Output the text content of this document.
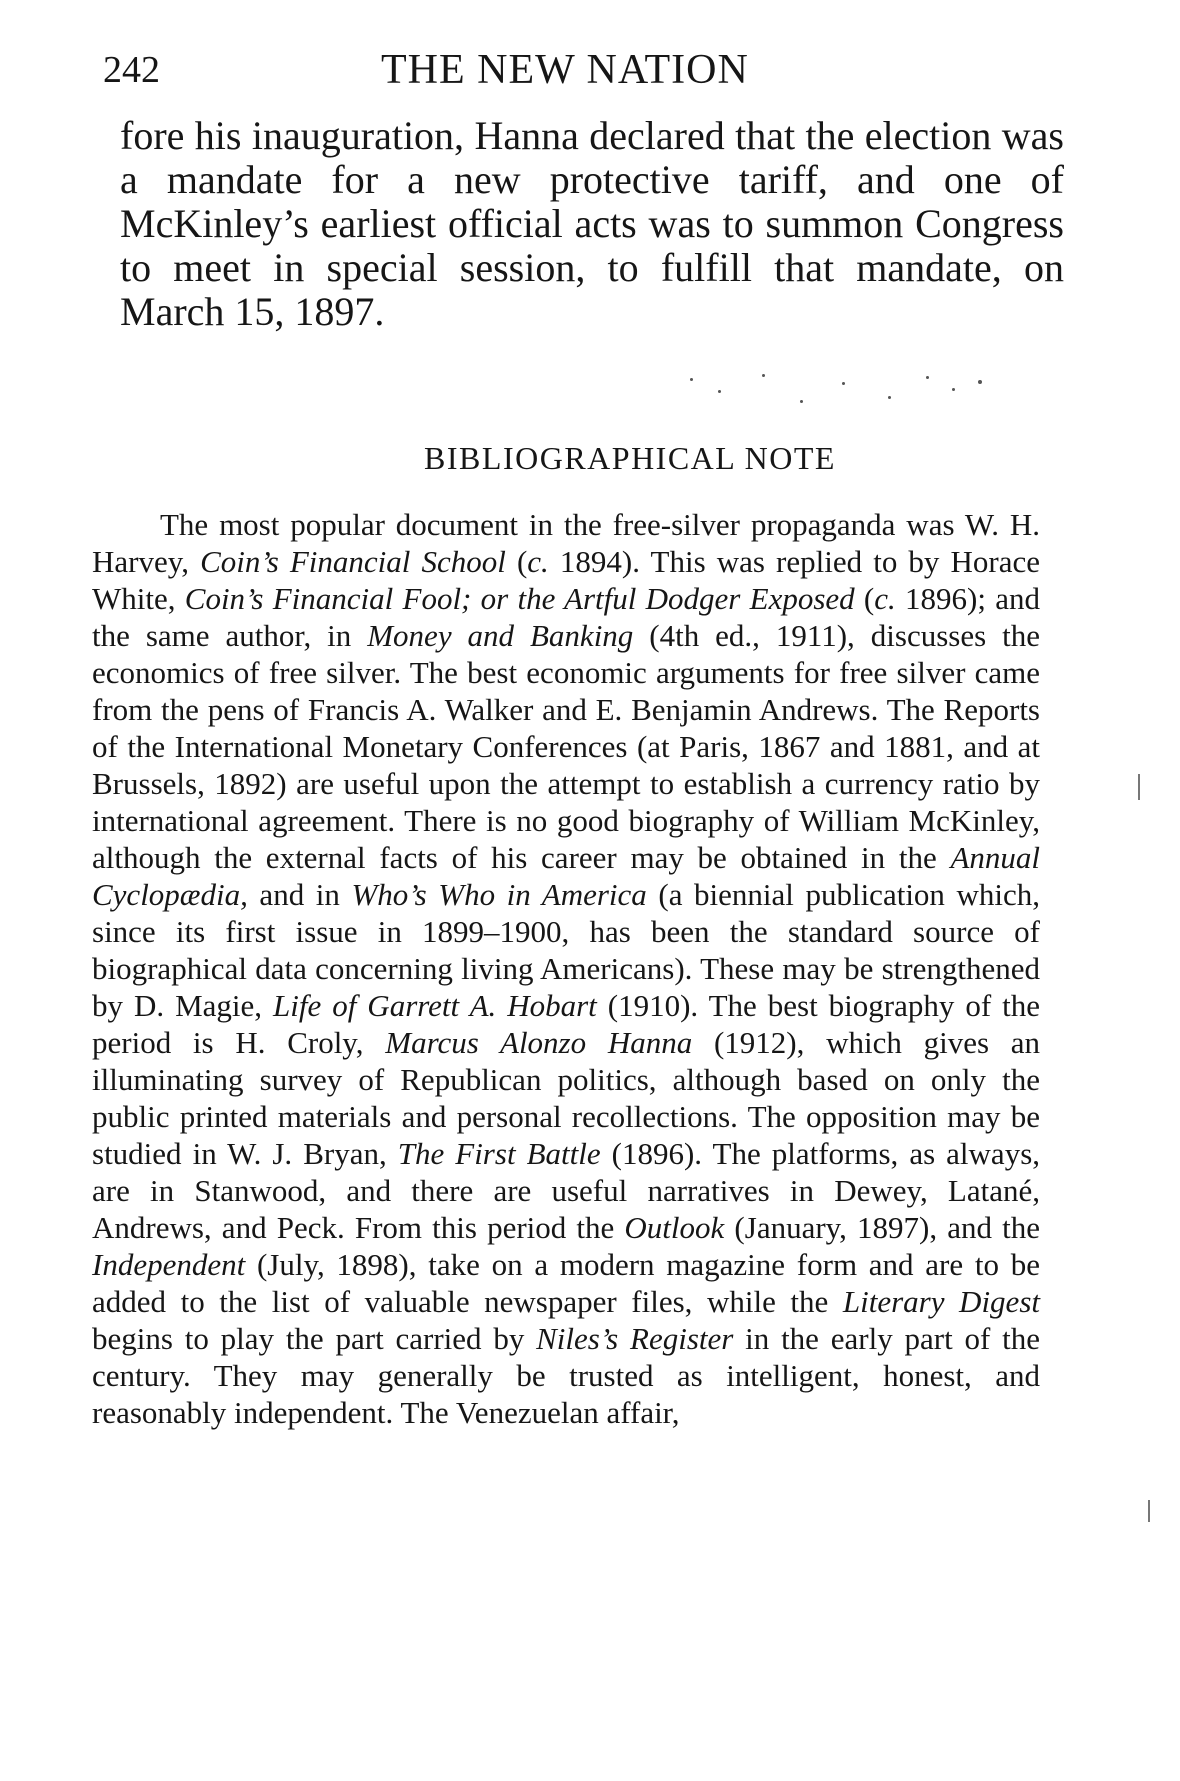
242	THE NEW NATION

fore his inauguration, Hanna declared that the election was a mandate for a new protective tariff, and one of McKinley’s earliest official acts was to summon Congress to meet in special session, to fulfill that mandate, on March 15, 1897.

BIBLIOGRAPHICAL NOTE

The most popular document in the free-silver propaganda was W. H. Harvey, Coin’s Financial School (c. 1894). This was replied to by Horace White, Coin’s Financial Fool; or the Artful Dodger Exposed (c. 1896); and the same author, in Money and Banking (4th ed., 1911), discusses the economics of free silver. The best economic arguments for free silver came from the pens of Francis A. Walker and E. Benjamin Andrews. The Reports of the International Monetary Conferences (at Paris, 1867 and 1881, and at Brussels, 1892) are useful upon the attempt to establish a currency ratio by international agreement. There is no good biography of William McKinley, although the external facts of his career may be obtained in the Annual Cyclopædia, and in Who’s Who in America (a biennial publication which, since its first issue in 1899–1900, has been the standard source of biographical data concerning living Americans). These may be strengthened by D. Magie, Life of Garrett A. Hobart (1910). The best biography of the period is H. Croly, Marcus Alonzo Hanna (1912), which gives an illuminating survey of Republican politics, although based on only the public printed materials and personal recollections. The opposition may be studied in W. J. Bryan, The First Battle (1896). The platforms, as always, are in Stanwood, and there are useful narratives in Dewey, Latané, Andrews, and Peck. From this period the Outlook (January, 1897), and the Independent (July, 1898), take on a modern magazine form and are to be added to the list of valuable newspaper files, while the Literary Digest begins to play the part carried by Niles’s Register in the early part of the century. They may generally be trusted as intelligent, honest, and reasonably independent. The Venezuelan affair,
